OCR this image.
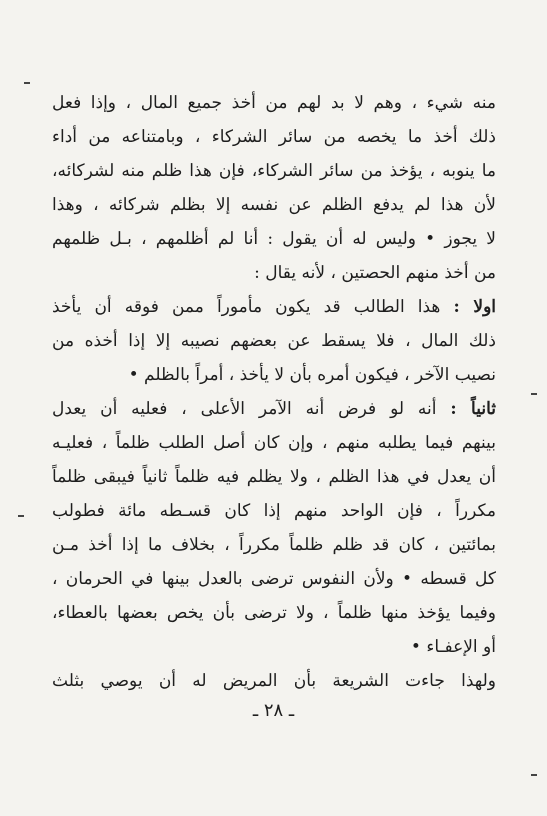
منه شيء ، وهم لا بد لهم من أخذ جميع المال ، وإذا فعل
ذلك أخذ ما يخصه من سائر الشركاء ، وبامتناعه من أداء
ما ينوبه ، يؤخذ من سائر الشركاء، فإن هذا ظلم منه لشركائه،
لأن هذا لم يدفع الظلم عن نفسه إلا بظلم شركائه ، وهذا
لا يجوز • وليس له أن يقول : أنا لم أظلمهم ، بـل ظلمهم
من أخذ منهم الحصتين ، لأنه يقال :
اولا : هذا الطالب قد يكون مأموراً ممن فوقه أن يأخذ
ذلك المال ، فلا يسقط عن بعضهم نصيبه إلا إذا أخذه من
نصيب الآخر ، فيكون أمره بأن لا يأخذ ، أمراً بالظلم •
ثانياً : أنه لو فرض أنه الآمر الأعلى ، فعليه أن يعدل
بينهم فيما يطلبه منهم ، وإن كان أصل الطلب ظلماً ، فعليـه
أن يعدل في هذا الظلم ، ولا يظلم فيه ظلماً ثانياً فيبقى ظلماً
مكرراً ، فإن الواحد منهم إذا كان قسـطه مائة فطولب
بمائتين ، كان قد ظلم ظلماً مكرراً ، بخلاف ما إذا أخذ مـن
كل قسطه • ولأن النفوس ترضى بالعدل بينها في الحرمان ،
وفيما يؤخذ منها ظلماً ، ولا ترضى بأن يخص بعضها بالعطاء،
أو الإعفـاء •
ولهذا جاءت الشريعة بأن المريض له أن يوصي بثلث
ـ ٢٨ ـ
